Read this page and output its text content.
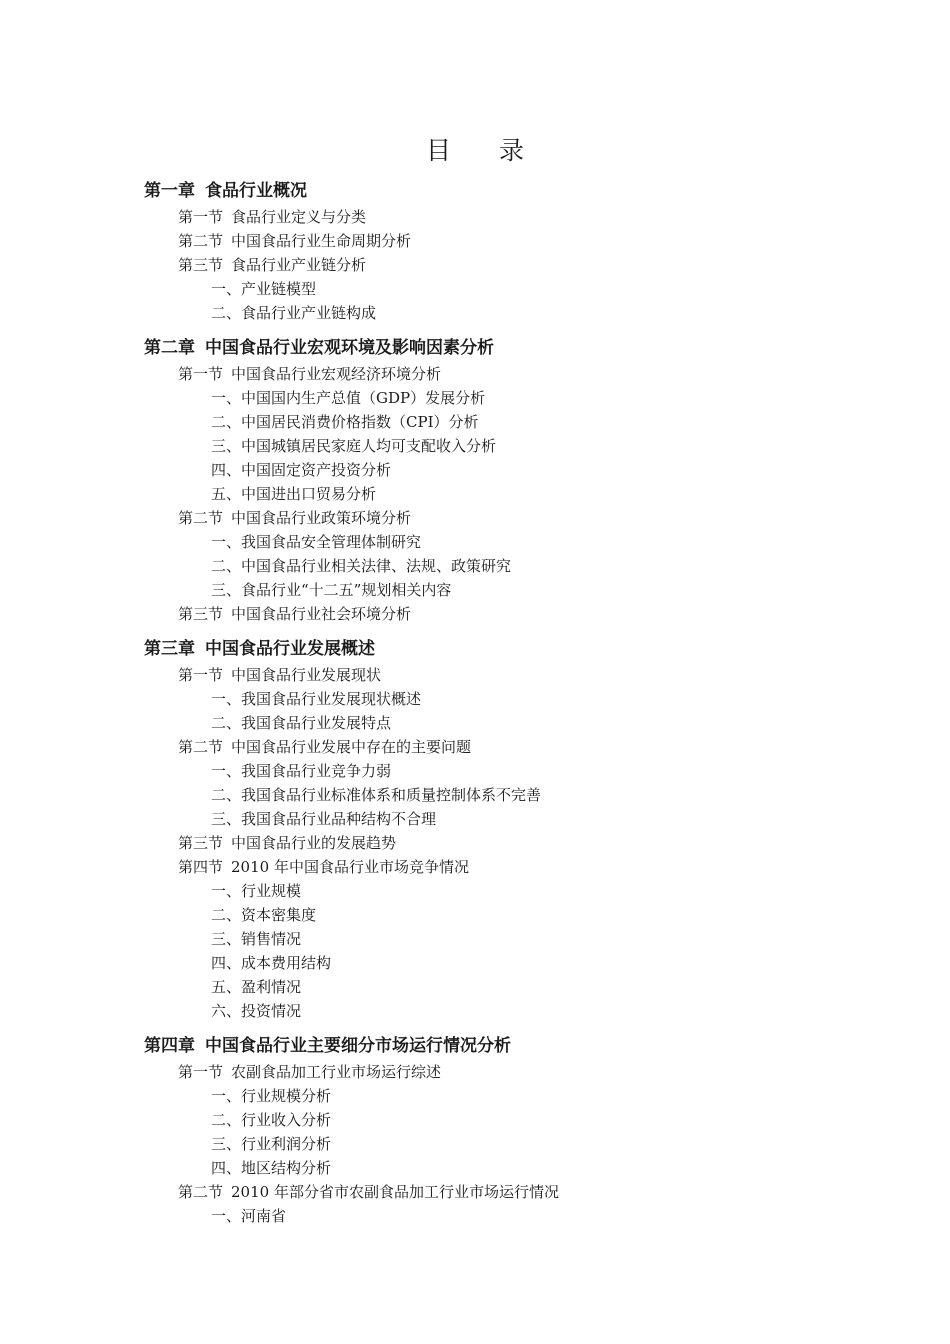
目 录
第一章 食品行业概况
第一节 食品行业定义与分类
第二节 中国食品行业生命周期分析
第三节 食品行业产业链分析
一、产业链模型
二、食品行业产业链构成
第二章 中国食品行业宏观环境及影响因素分析
第一节 中国食品行业宏观经济环境分析
一、中国国内生产总值（GDP）发展分析
二、中国居民消费价格指数（CPI）分析
三、中国城镇居民家庭人均可支配收入分析
四、中国固定资产投资分析
五、中国进出口贸易分析
第二节 中国食品行业政策环境分析
一、我国食品安全管理体制研究
二、中国食品行业相关法律、法规、政策研究
三、食品行业“十二五”规划相关内容
第三节 中国食品行业社会环境分析
第三章 中国食品行业发展概述
第一节 中国食品行业发展现状
一、我国食品行业发展现状概述
二、我国食品行业发展特点
第二节 中国食品行业发展中存在的主要问题
一、我国食品行业竞争力弱
二、我国食品行业标准体系和质量控制体系不完善
三、我国食品行业品种结构不合理
第三节 中国食品行业的发展趋势
第四节 2010 年中国食品行业市场竞争情况
一、行业规模
二、资本密集度
三、销售情况
四、成本费用结构
五、盈利情况
六、投资情况
第四章 中国食品行业主要细分市场运行情况分析
第一节 农副食品加工行业市场运行综述
一、行业规模分析
二、行业收入分析
三、行业利润分析
四、地区结构分析
第二节 2010 年部分省市农副食品加工行业市场运行情况
一、河南省
